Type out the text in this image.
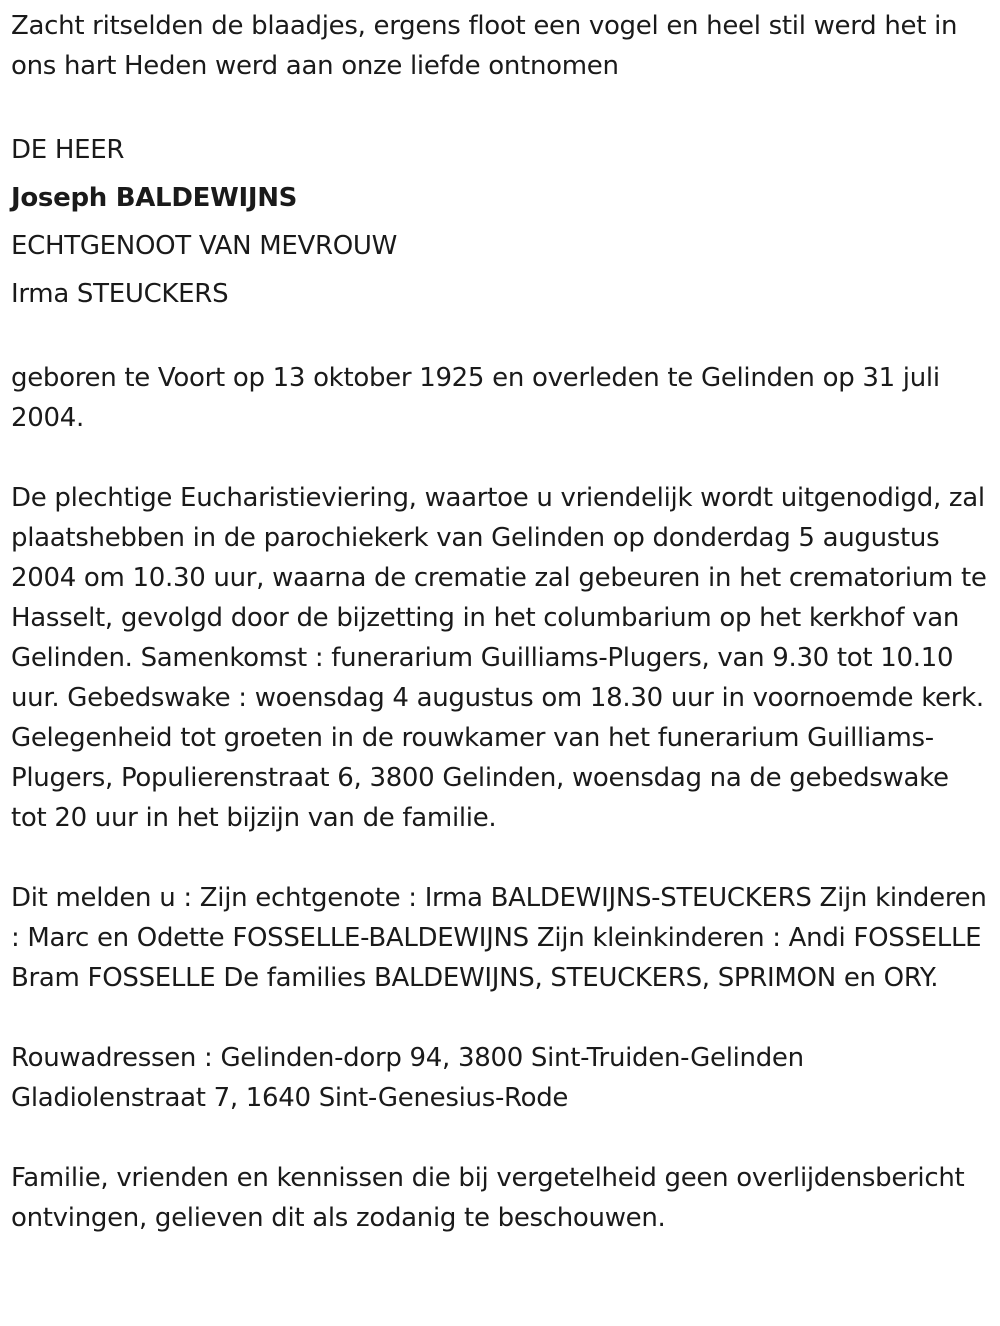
Zacht ritselden de blaadjes, ergens floot een vogel en heel stil werd het in ons hart Heden werd aan onze liefde ontnomen

DE HEER

Joseph BALDEWIJNS

ECHTGENOOT VAN MEVROUW

Irma STEUCKERS

geboren te Voort op 13 oktober 1925 en overleden te Gelinden op 31 juli 2004.

De plechtige Eucharistieviering, waartoe u vriendelijk wordt uitgenodigd, zal plaatshebben in de parochiekerk van Gelinden op donderdag 5 augustus 2004 om 10.30 uur, waarna de crematie zal gebeuren in het crematorium te Hasselt, gevolgd door de bijzetting in het columbarium op het kerkhof van Gelinden. Samenkomst : funerarium Guilliams-Plugers, van 9.30 tot 10.10 uur. Gebedswake : woensdag 4 augustus om 18.30 uur in voornoemde kerk. Gelegenheid tot groeten in de rouwkamer van het funerarium Guilliams-Plugers, Populierenstraat 6, 3800 Gelinden, woensdag na de gebedswake tot 20 uur in het bijzijn van de familie.

Dit melden u : Zijn echtgenote : Irma BALDEWIJNS-STEUCKERS Zijn kinderen : Marc en Odette FOSSELLE-BALDEWIJNS Zijn kleinkinderen : Andi FOSSELLE Bram FOSSELLE De families BALDEWIJNS, STEUCKERS, SPRIMON en ORY.

Rouwadressen : Gelinden-dorp 94, 3800 Sint-Truiden-Gelinden Gladiolenstraat 7, 1640 Sint-Genesius-Rode

Familie, vrienden en kennissen die bij vergetelheid geen overlijdensbericht ontvingen, gelieven dit als zodanig te beschouwen.
